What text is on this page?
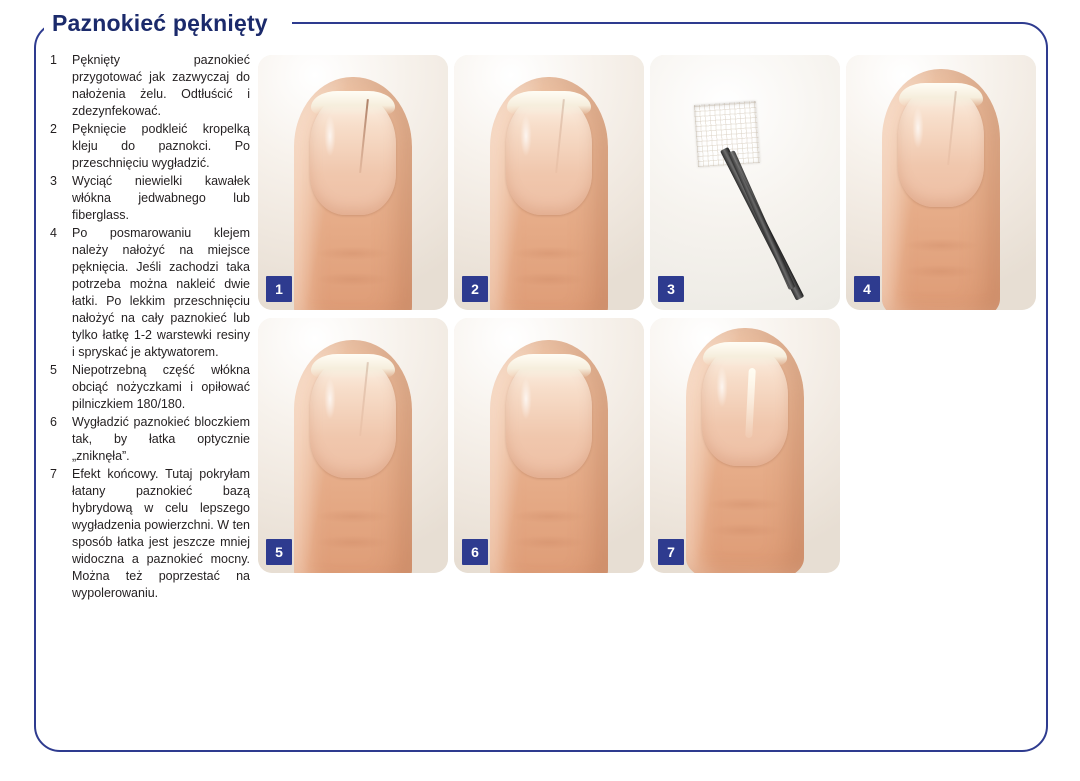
Paznokieć pęknięty
1	Pęknięty paznokieć przygotować jak zazwyczaj do nałożenia żelu. Odtłuścić i zdezynfekować.
2	Pęknięcie podkleić kropelką kleju do paznokci. Po przeschnięciu wygładzić.
3	Wyciąć niewielki kawałek włókna jedwabnego lub fiberglass.
4	Po posmarowaniu klejem należy nałożyć na miejsce pęknięcia. Jeśli zachodzi taka potrzeba można nakleić dwie łatki. Po lekkim przeschnięciu nałożyć na cały paznokieć lub tylko łatkę 1-2 warstewki resiny i spryskać je aktywatorem.
5	Niepotrzebną część włókna obciąć nożyczkami i opiłować pilniczkiem 180/180.
6	Wygładzić paznokieć bloczkiem tak, by łatka optycznie „zniknęła”.
7	Efekt końcowy. Tutaj pokryłam łatany paznokieć bazą hybrydową w celu lepszego wygładzenia powierzchni. W ten sposób łatka jest jeszcze mniej widoczna a paznokieć mocny. Można też poprzestać na wypolerowaniu.
1	2	3	4
5	6	7
